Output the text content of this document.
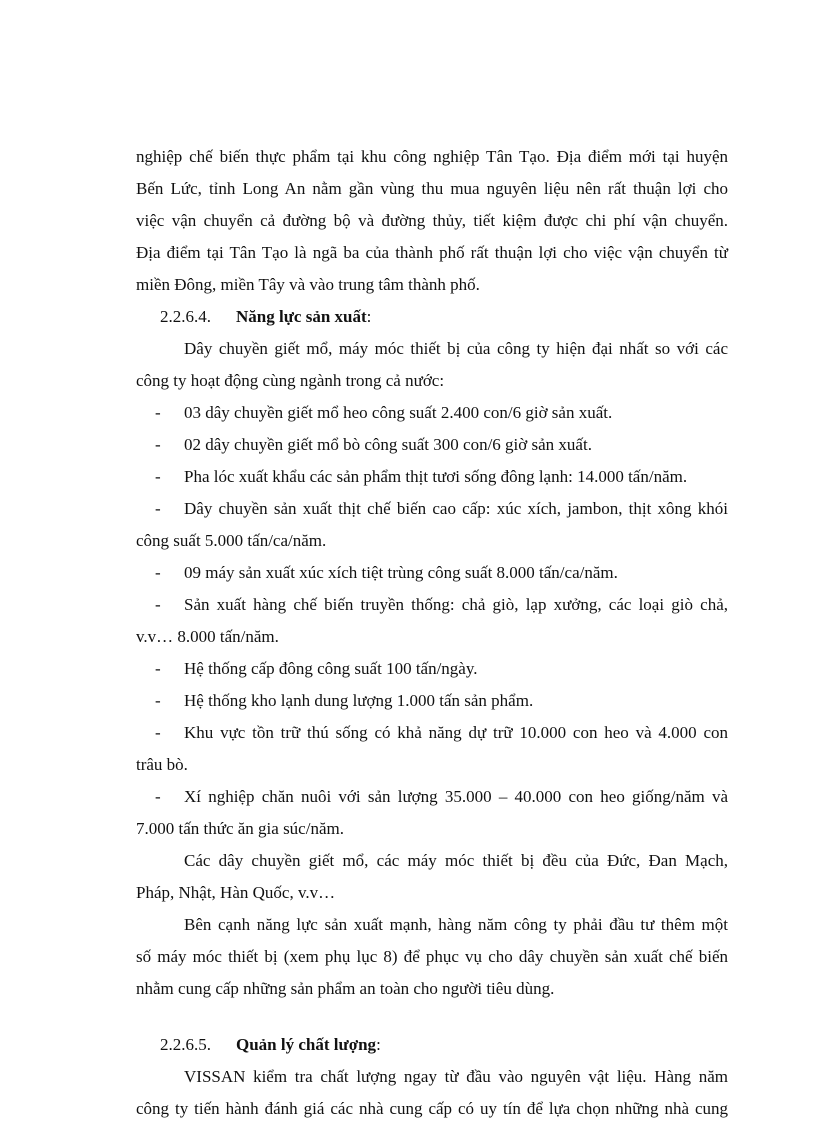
nghiệp chế biến thực phẩm tại khu công nghiệp Tân Tạo. Địa điểm mới tại huyện
Bến Lức, tỉnh Long An nằm gần vùng thu mua nguyên liệu nên rất thuận lợi cho
việc vận chuyển cả đường bộ và đường thủy, tiết kiệm được chi phí vận chuyển.
Địa điểm tại Tân Tạo là ngã ba của thành phố rất thuận lợi cho việc vận chuyển từ
miền Đông, miền Tây và vào trung tâm thành phố.
2.2.6.4. Năng lực sản xuất:
Dây chuyền giết mổ, máy móc thiết bị của công ty hiện đại nhất so với các
công ty hoạt động cùng ngành trong cả nước:
- 03 dây chuyền giết mổ heo công suất 2.400 con/6 giờ sản xuất.
- 02 dây chuyền giết mổ bò công suất 300 con/6 giờ sản xuất.
- Pha lóc xuất khẩu các sản phẩm thịt tươi sống đông lạnh: 14.000 tấn/năm.
- Dây chuyền sản xuất thịt chế biến cao cấp: xúc xích, jambon, thịt xông khói
công suất 5.000 tấn/ca/năm.
- 09 máy sản xuất xúc xích tiệt trùng công suất 8.000 tấn/ca/năm.
- Sản xuất hàng chế biến truyền thống: chả giò, lạp xưởng, các loại giò chả,
v.v… 8.000 tấn/năm.
- Hệ thống cấp đông công suất 100 tấn/ngày.
- Hệ thống kho lạnh dung lượng 1.000 tấn sản phẩm.
- Khu vực tồn trữ thú sống có khả năng dự trữ 10.000 con heo và 4.000 con
trâu bò.
- Xí nghiệp chăn nuôi với sản lượng 35.000 – 40.000 con heo giống/năm và
7.000 tấn thức ăn gia súc/năm.
Các dây chuyền giết mổ, các máy móc thiết bị đều của Đức, Đan Mạch,
Pháp, Nhật, Hàn Quốc, v.v…
Bên cạnh năng lực sản xuất mạnh, hàng năm công ty phải đầu tư thêm một
số máy móc thiết bị (xem phụ lục 8) để phục vụ cho dây chuyền sản xuất chế biến
nhằm cung cấp những sản phẩm an toàn cho người tiêu dùng.
2.2.6.5. Quản lý chất lượng:
VISSAN kiểm tra chất lượng ngay từ đầu vào nguyên vật liệu. Hàng năm
công ty tiến hành đánh giá các nhà cung cấp có uy tín để lựa chọn những nhà cung
